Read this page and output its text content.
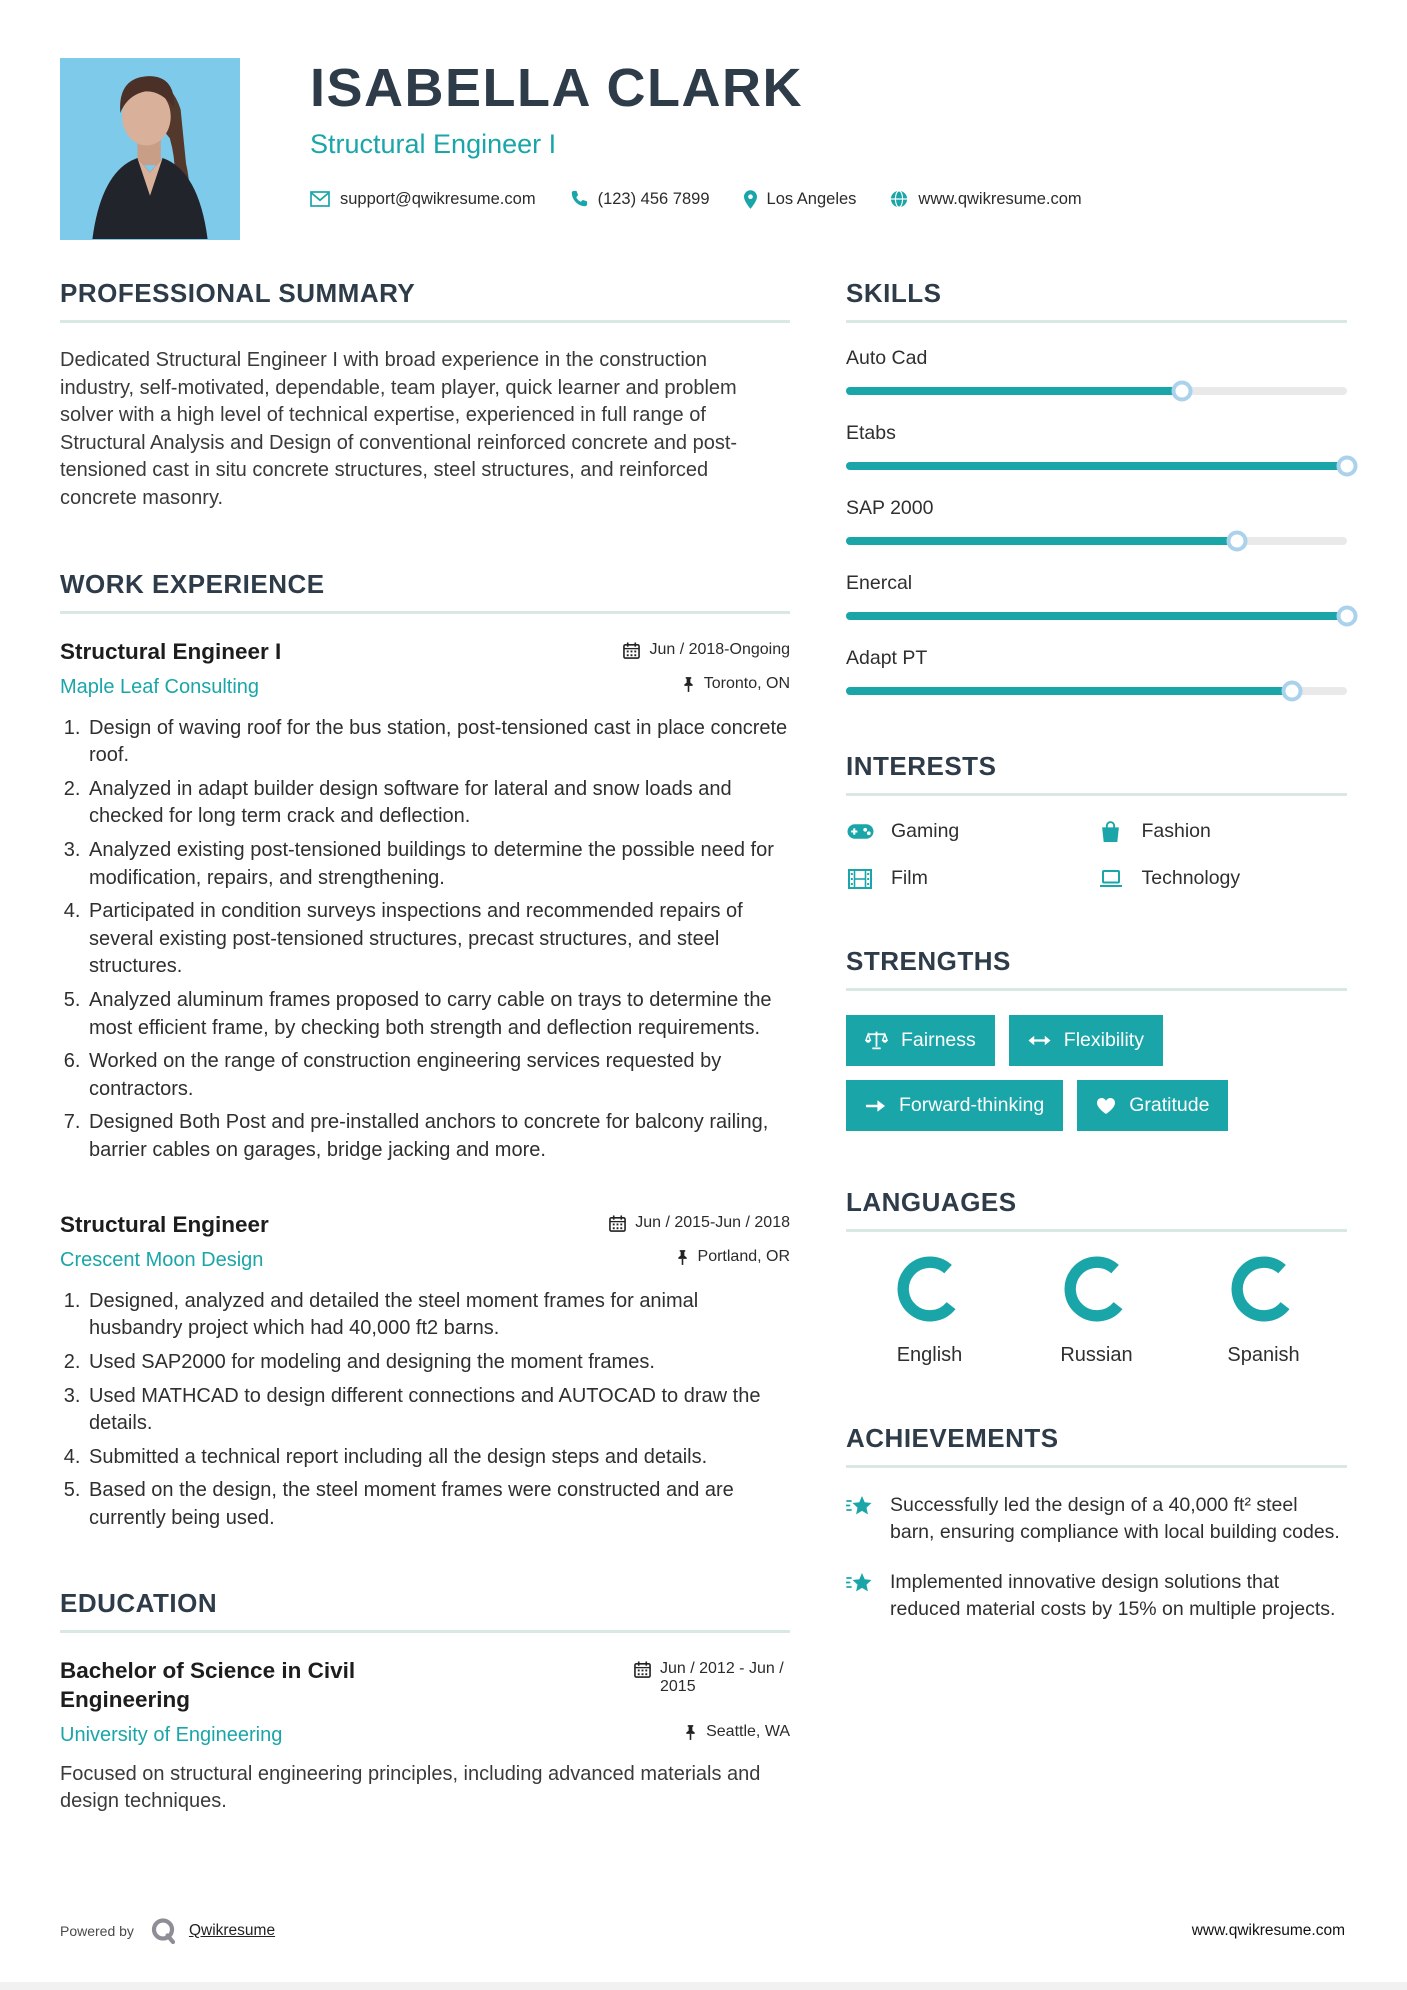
ISABELLA CLARK
Structural Engineer I
support@qwikresume.com	(123) 456 7899	Los Angeles	www.qwikresume.com
PROFESSIONAL SUMMARY

Dedicated Structural Engineer I with broad experience in the construction industry, self-motivated, dependable, team player, quick learner and problem solver with a high level of technical expertise, experienced in full range of Structural Analysis and Design of conventional reinforced concrete and post-tensioned cast in situ concrete structures, steel structures, and reinforced concrete masonry.

WORK EXPERIENCE
Structural Engineer I	Jun / 2018-Ongoing
Maple Leaf Consulting	Toronto, ON
1. Design of waving roof for the bus station, post-tensioned cast in place concrete roof.
2. Analyzed in adapt builder design software for lateral and snow loads and checked for long term crack and deflection.
3. Analyzed existing post-tensioned buildings to determine the possible need for modification, repairs, and strengthening.
4. Participated in condition surveys inspections and recommended repairs of several existing post-tensioned structures, precast structures, and steel structures.
5. Analyzed aluminum frames proposed to carry cable on trays to determine the most efficient frame, by checking both strength and deflection requirements.
6. Worked on the range of construction engineering services requested by contractors.
7. Designed Both Post and pre-installed anchors to concrete for balcony railing, barrier cables on garages, bridge jacking and more.
Structural Engineer	Jun / 2015-Jun / 2018
Crescent Moon Design	Portland, OR
1. Designed, analyzed and detailed the steel moment frames for animal husbandry project which had 40,000 ft2 barns.
2. Used SAP2000 for modeling and designing the moment frames.
3. Used MATHCAD to design different connections and AUTOCAD to draw the details.
4. Submitted a technical report including all the design steps and details.
5. Based on the design, the steel moment frames were constructed and are currently being used.
EDUCATION
Bachelor of Science in Civil Engineering
Jun / 2012 - Jun / 2015
University of Engineering	Seattle, WA

Focused on structural engineering principles, including advanced materials and design techniques.

SKILLS
Auto Cad
Etabs
SAP 2000
Enercal
Adapt PT
INTERESTS
Gaming	Fashion
Film	Technology
STRENGTHS
Fairness	Flexibility
Forward-thinking	Gratitude
LANGUAGES
English	Russian	Spanish
ACHIEVEMENTS
Successfully led the design of a 40,000 ft² steel barn, ensuring compliance with local building codes.
Implemented innovative design solutions that reduced material costs by 15% on multiple projects.
Powered by	Qwikresume	www.qwikresume.com
